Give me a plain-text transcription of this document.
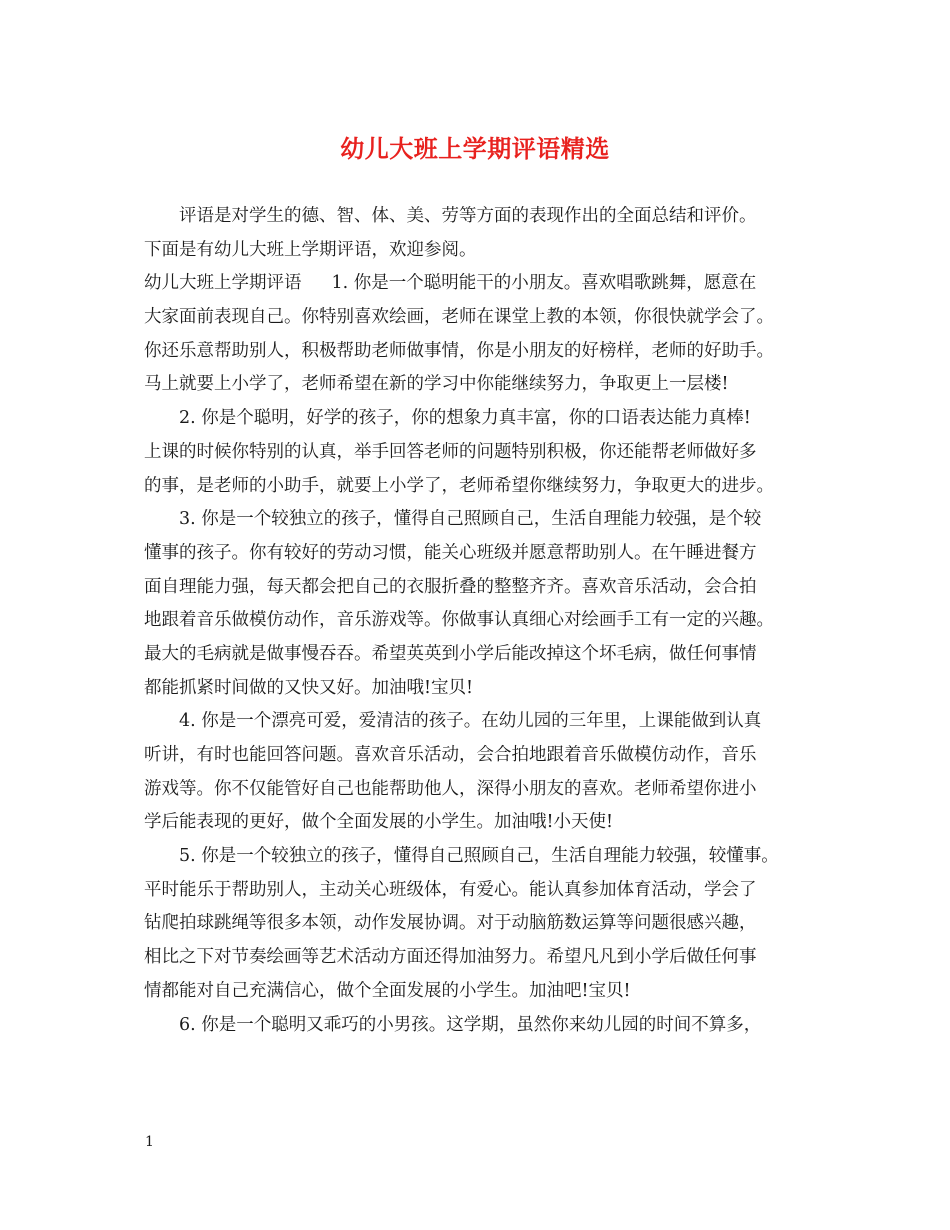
幼儿大班上学期评语精选
评语是对学生的德、智、体、美、劳等方面的表现作出的全面总结和评价。
下面是有幼儿大班上学期评语，欢迎参阅。
幼儿大班上学期评语 1. 你是一个聪明能干的小朋友。喜欢唱歌跳舞，愿意在
大家面前表现自己。你特别喜欢绘画，老师在课堂上教的本领，你很快就学会了。
你还乐意帮助别人，积极帮助老师做事情，你是小朋友的好榜样，老师的好助手。
马上就要上小学了，老师希望在新的学习中你能继续努力，争取更上一层楼!
2. 你是个聪明，好学的孩子，你的想象力真丰富，你的口语表达能力真棒!
上课的时候你特别的认真，举手回答老师的问题特别积极，你还能帮老师做好多
的事，是老师的小助手，就要上小学了，老师希望你继续努力，争取更大的进步。
3. 你是一个较独立的孩子，懂得自己照顾自己，生活自理能力较强，是个较
懂事的孩子。你有较好的劳动习惯，能关心班级并愿意帮助别人。在午睡进餐方
面自理能力强，每天都会把自己的衣服折叠的整整齐齐。喜欢音乐活动，会合拍
地跟着音乐做模仿动作，音乐游戏等。你做事认真细心对绘画手工有一定的兴趣。
最大的毛病就是做事慢吞吞。希望英英到小学后能改掉这个坏毛病，做任何事情
都能抓紧时间做的又快又好。加油哦!宝贝!
4. 你是一个漂亮可爱，爱清洁的孩子。在幼儿园的三年里，上课能做到认真
听讲，有时也能回答问题。喜欢音乐活动，会合拍地跟着音乐做模仿动作，音乐
游戏等。你不仅能管好自己也能帮助他人，深得小朋友的喜欢。老师希望你进小
学后能表现的更好，做个全面发展的小学生。加油哦!小天使!
5. 你是一个较独立的孩子，懂得自己照顾自己，生活自理能力较强，较懂事。
平时能乐于帮助别人，主动关心班级体，有爱心。能认真参加体育活动，学会了
钻爬拍球跳绳等很多本领，动作发展协调。对于动脑筋数运算等问题很感兴趣，
相比之下对节奏绘画等艺术活动方面还得加油努力。希望凡凡到小学后做任何事
情都能对自己充满信心，做个全面发展的小学生。加油吧!宝贝!
6. 你是一个聪明又乖巧的小男孩。这学期，虽然你来幼儿园的时间不算多，
1
